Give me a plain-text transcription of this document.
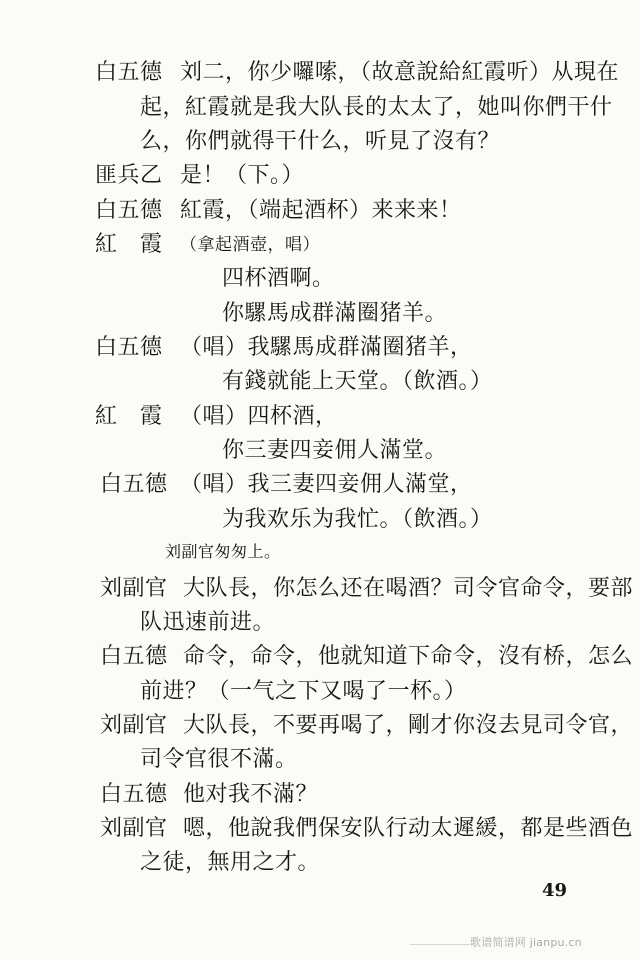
白五德 刘二，你少囉嗦，（故意說給紅霞听）从現在
起，紅霞就是我大队長的太太了，她叫你們干什
么，你們就得干什么，听見了沒有？
匪兵乙 是！（下。）
白五德 紅霞，（端起酒杯）来来来！
紅　霞 （拿起酒壺，唱）
四杯酒啊。
你騾馬成群滿圈猪羊。
白五德 （唱）我騾馬成群滿圈猪羊，
有錢就能上天堂。（飲酒。）
紅　霞 （唱）四杯酒，
你三妻四妾佣人滿堂。
白五德 （唱）我三妻四妾佣人滿堂，
为我欢乐为我忙。（飲酒。）
刘副官匆匆上。
刘副官 大队長，你怎么还在喝酒？司令官命令，要部
队迅速前进。
白五德 命令，命令，他就知道下命令，沒有桥，怎么
前进？（一气之下又喝了一杯。）
刘副官 大队長，不要再喝了，剛才你沒去見司令官，
司令官很不滿。
白五德 他对我不滿？
刘副官 嗯，他說我們保安队行动太遲緩，都是些酒色
之徒，無用之才。
49
歌谱简谱网 jianpu.cn
